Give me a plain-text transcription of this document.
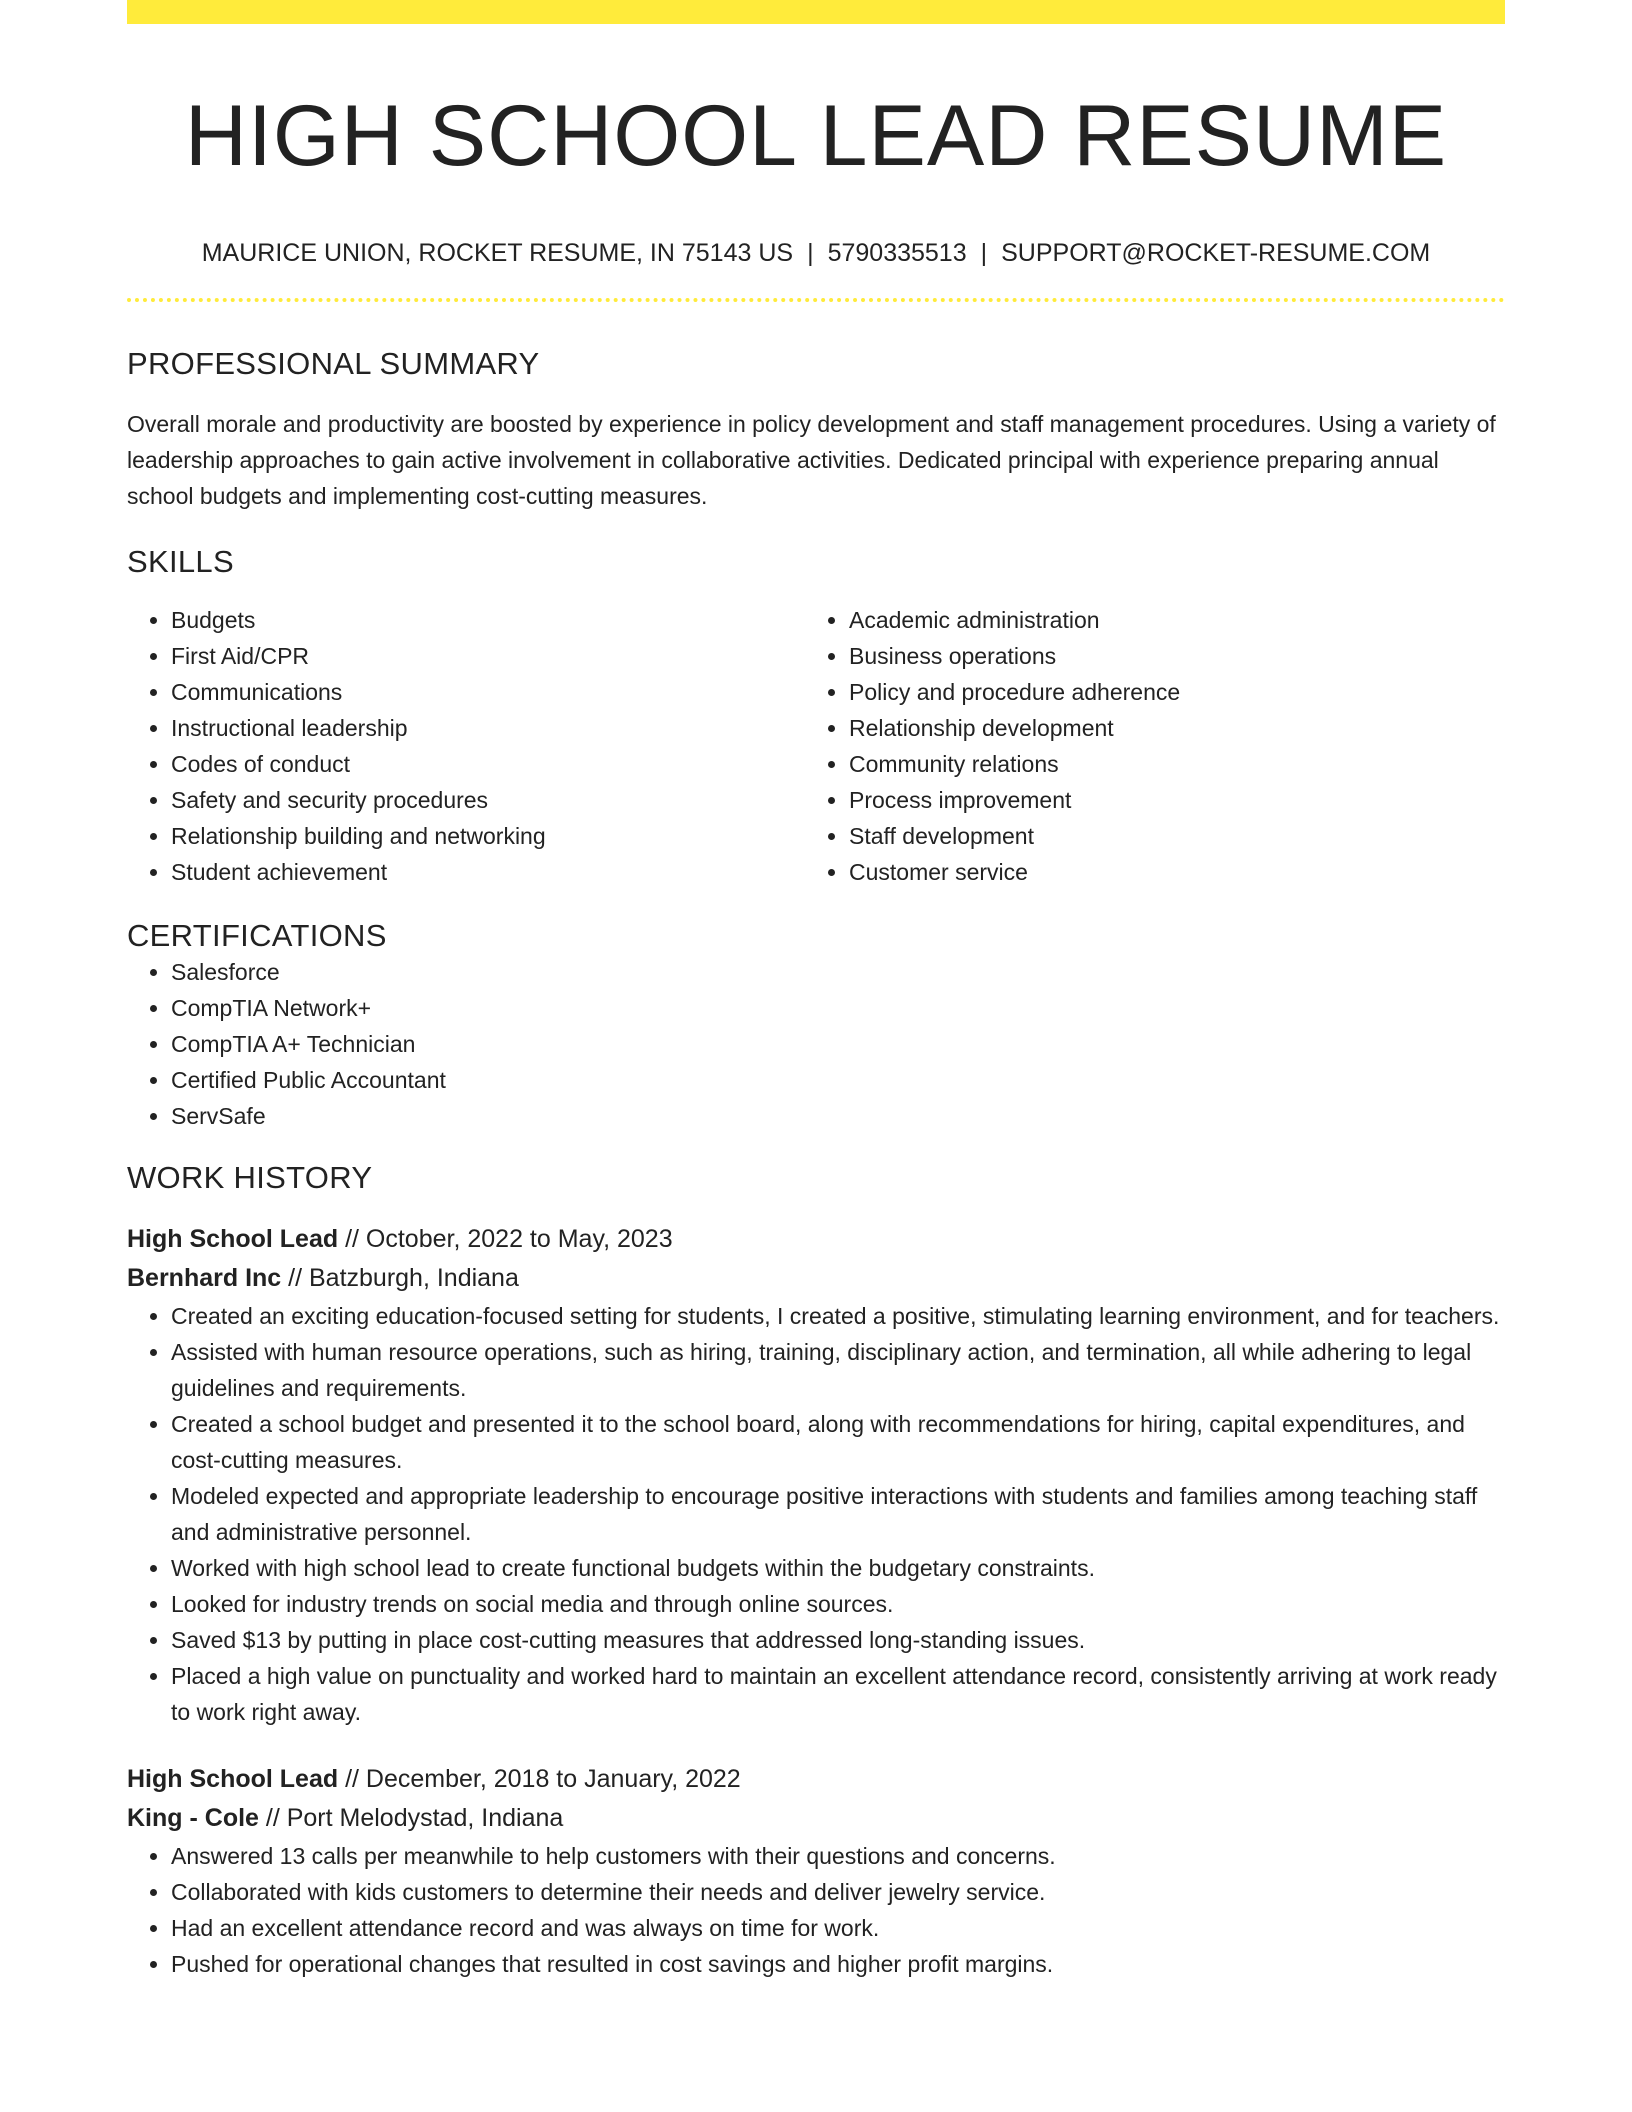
HIGH SCHOOL LEAD RESUME
MAURICE UNION, ROCKET RESUME, IN 75143 US | 5790335513 | SUPPORT@ROCKET-RESUME.COM
PROFESSIONAL SUMMARY

Overall morale and productivity are boosted by experience in policy development and staff management procedures. Using a variety of leadership approaches to gain active involvement in collaborative activities. Dedicated principal with experience preparing annual school budgets and implementing cost-cutting measures.

SKILLS
• Budgets
• First Aid/CPR
• Communications
• Instructional leadership
• Codes of conduct
• Safety and security procedures
• Relationship building and networking
• Student achievement
• Academic administration
• Business operations
• Policy and procedure adherence
• Relationship development
• Community relations
• Process improvement
• Staff development
• Customer service
CERTIFICATIONS
• Salesforce
• CompTIA Network+
• CompTIA A+ Technician
• Certified Public Accountant
• ServSafe
WORK HISTORY
High School Lead // October, 2022 to May, 2023
Bernhard Inc // Batzburgh, Indiana
• Created an exciting education-focused setting for students, I created a positive, stimulating learning environment, and for teachers.
• Assisted with human resource operations, such as hiring, training, disciplinary action, and termination, all while adhering to legal guidelines and requirements.
• Created a school budget and presented it to the school board, along with recommendations for hiring, capital expenditures, and cost-cutting measures.
• Modeled expected and appropriate leadership to encourage positive interactions with students and families among teaching staff and administrative personnel.
• Worked with high school lead to create functional budgets within the budgetary constraints.
• Looked for industry trends on social media and through online sources.
• Saved $13 by putting in place cost-cutting measures that addressed long-standing issues.
• Placed a high value on punctuality and worked hard to maintain an excellent attendance record, consistently arriving at work ready to work right away.
High School Lead // December, 2018 to January, 2022
King - Cole // Port Melodystad, Indiana
• Answered 13 calls per meanwhile to help customers with their questions and concerns.
• Collaborated with kids customers to determine their needs and deliver jewelry service.
• Had an excellent attendance record and was always on time for work.
• Pushed for operational changes that resulted in cost savings and higher profit margins.
